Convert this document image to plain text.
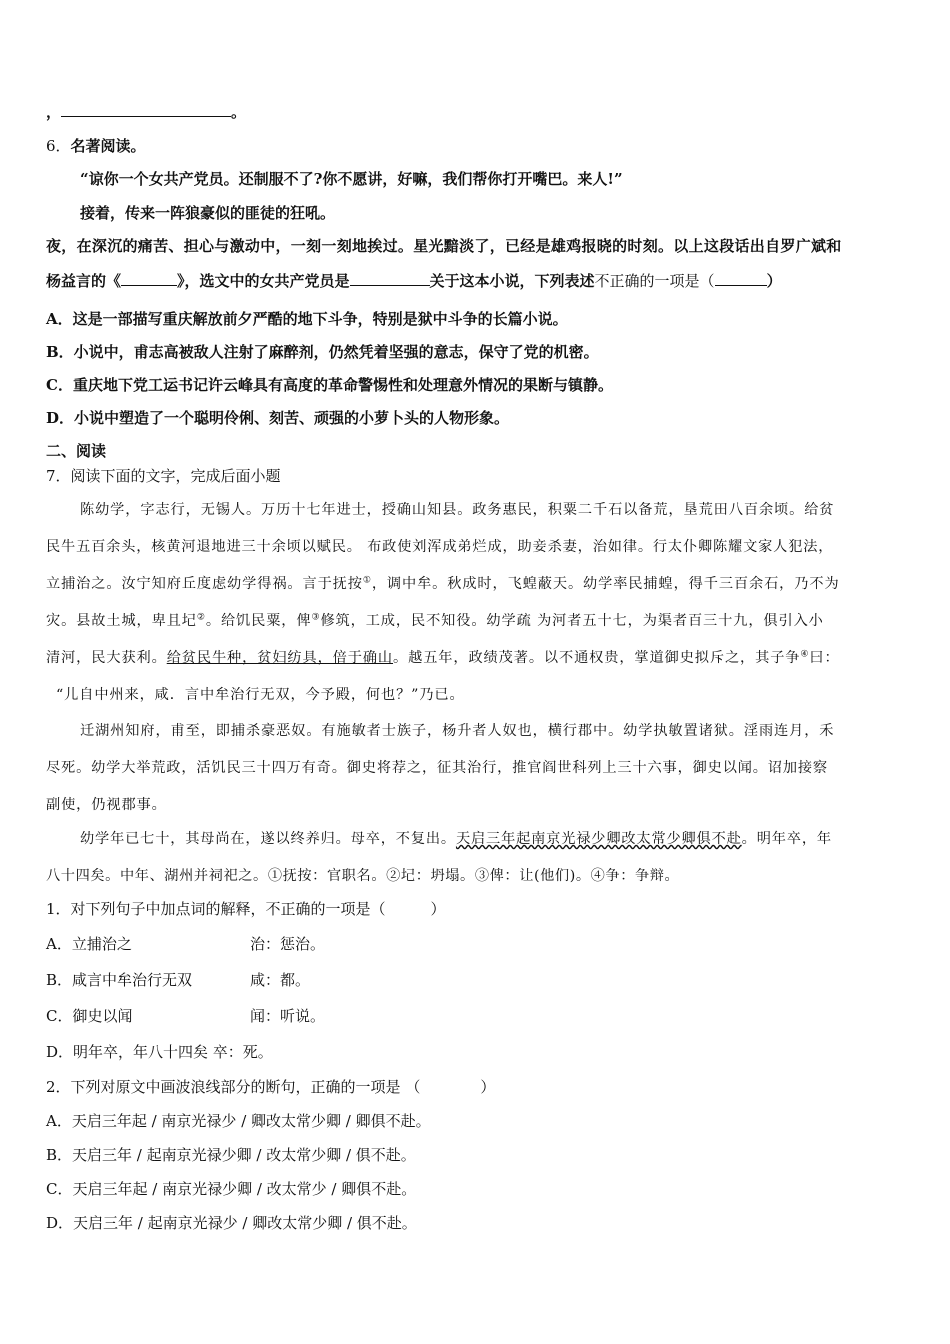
，	。
6．名著阅读。
“谅你一个女共产党员。还制服不了?你不愿讲，好嘛，我们帮你打开嘴巴。来人!”
接着，传来一阵狼豪似的匪徒的狂吼。
夜，在深沉的痛苦、担心与激动中，一刻一刻地挨过。星光黯淡了，已经是雄鸡报晓的时刻。以上这段话出自罗广斌和
杨益言的《	》，选文中的女共产党员是	关于这本小说，下列表述不正确的一项是（	）
A．这是一部描写重庆解放前夕严酷的地下斗争，特别是狱中斗争的长篇小说。
B．小说中，甫志高被敌人注射了麻醉剂，仍然凭着坚强的意志，保守了党的机密。
C．重庆地下党工运书记许云峰具有高度的革命警惕性和处理意外情况的果断与镇静。
D．小说中塑造了一个聪明伶俐、刻苦、顽强的小萝卜头的人物形象。
二、阅读
7．阅读下面的文字，完成后面小题
陈幼学，字志行，无锡人。万历十七年进士，授确山知县。政务惠民，积粟二千石以备荒，垦荒田八百余顷。给贫
民牛五百余头，核黄河退地进三十余顷以赋民。 布政使刘浑成弟烂成，助妾杀妻，治如律。行太仆卿陈耀文家人犯法，
立捕治之。汝宁知府丘度虑幼学得祸。言于抚按①，调中牟。秋成时，飞蝗蔽天。幼学率民捕蝗，得千三百余石，乃不为
灾。县故土城，卑且圮②。给饥民粟，俾③修筑，工成，民不知役。幼学疏 为河者五十七，为渠者百三十九，俱引入小
清河，民大获利。给贫民牛种，贫妇纺具，倍于确山。越五年，政绩茂著。以不通权贵，掌道御史拟斥之，其子争④曰：
“儿自中州来，咸．言中牟治行无双，今予殿，何也？”乃已。
迁湖州知府，甫至，即捕杀豪恶奴。有施敏者士族子，杨升者人奴也，横行郡中。幼学执敏置诸狱。淫雨连月，禾
尽死。幼学大举荒政，活饥民三十四万有奇。御史将荐之，征其治行，推官阎世科列上三十六事，御史以闻。诏加接察
副使，仍视郡事。
幼学年已七十，其母尚在，遂以终养归。母卒，不复出。天启三年起南京光禄少卿改太常少卿俱不赴。明年卒，年
八十四矣。中年、湖州并祠祀之。①抚按：官职名。②圮：坍塌。③俾：让(他们)。④争：争辩。
1．对下列句子中加点词的解释，不正确的一项是（　　　）
A．立捕治之	治：惩治。
B．咸言中牟治行无双	咸：都。
C．御史以闻	闻：听说。
D．明年卒，年八十四矣 卒：死。
2．下列对原文中画波浪线部分的断句，正确的一项是 （　　　　）
A．天启三年起 / 南京光禄少 / 卿改太常少卿 / 卿俱不赴。
B．天启三年 / 起南京光禄少卿 / 改太常少卿 / 俱不赴。
C．天启三年起 / 南京光禄少卿 / 改太常少 / 卿俱不赴。
D．天启三年 / 起南京光禄少 / 卿改太常少卿 / 俱不赴。
